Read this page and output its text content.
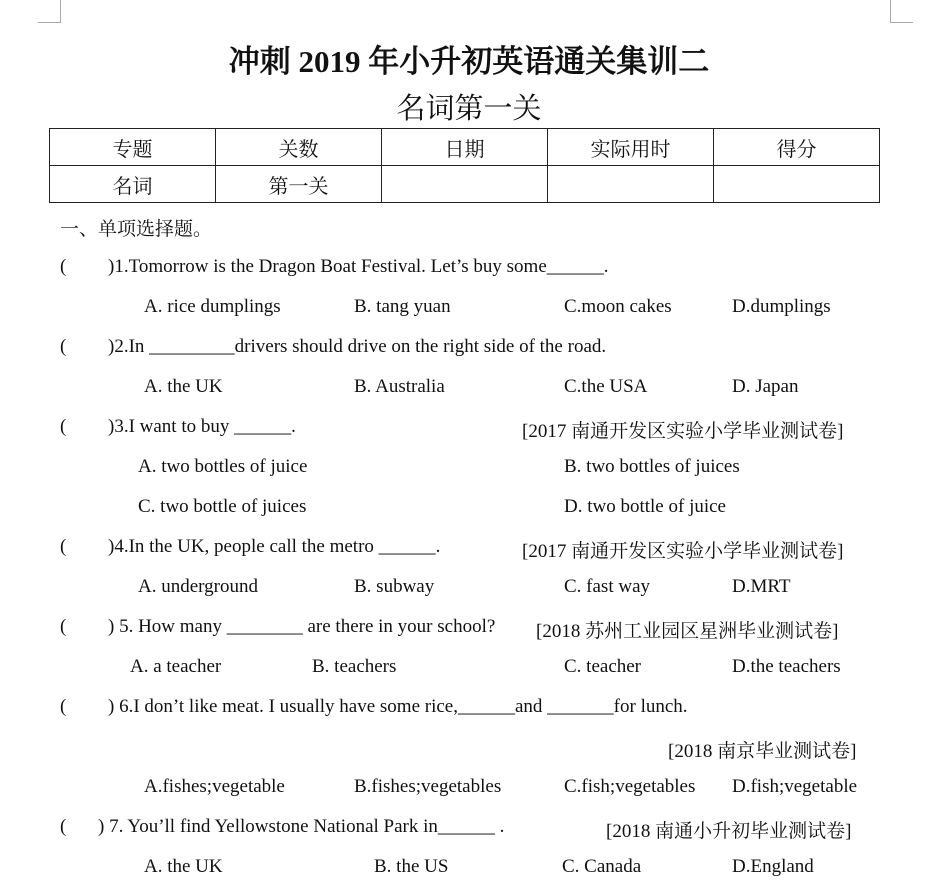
冲刺 2019 年小升初英语通关集训二
名词第一关
专题	关数	日期	实际用时	得分
名词	第一关			
一、单项选择题。
( )1.Tomorrow is the Dragon Boat Festival. Let’s buy some______.
A. rice dumplings	B. tang yuan	C.moon cakes	D.dumplings
( )2.In _________drivers should drive on the right side of the road.
A. the UK	B. Australia	C.the USA	D. Japan
( )3.I want to buy ______.	[2017 南通开发区实验小学毕业测试卷]
A. two bottles of juice	B. two bottles of juices
C. two bottle of juices	D. two bottle of juice
( )4.In the UK, people call the metro ______.	[2017 南通开发区实验小学毕业测试卷]
A. underground	B. subway	C. fast way	D.MRT
( ) 5. How many ________ are there in your school? [2018 苏州工业园区星洲毕业测试卷]
A. a teacher	B. teachers	C. teacher	D.the teachers
( ) 6.I don’t like meat. I usually have some rice,______and _______for lunch.
[2018 南京毕业测试卷]
A.fishes;vegetable	B.fishes;vegetables	C.fish;vegetables D.fish;vegetable
( ) 7. You’ll find Yellowstone National Park in______ .	[2018 南通小升初毕业测试卷]
A. the UK	B. the US	C. Canada	D.England
